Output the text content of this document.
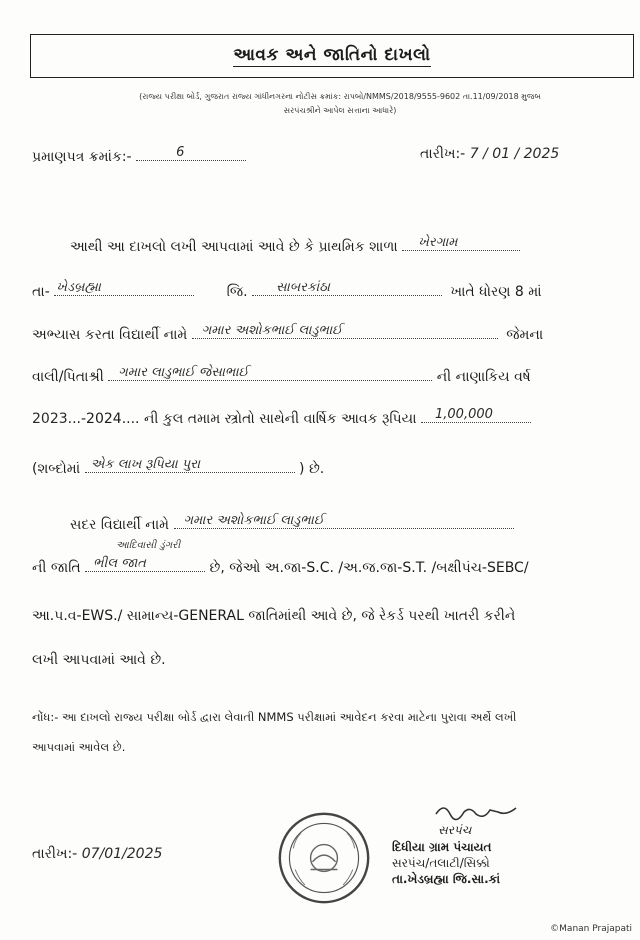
આવક અને જાતિનો દાખલો
(રાજ્ય પરીક્ષા બોર્ડ, ગુજરાત રાજ્ય ગાંધીનગરના નોટીસ ક્રમાંક: રાપબો/NMMS/2018/9555-9602 તા.11/09/2018 મુજબ
સરપંચશ્રીને આપેલ સત્તાના આધારે)
પ્રમાણપત્ર ક્રમાંક:-	6	તારીખ:- 7 / 01 / 2025
આથી આ દાખલો લખી આપવામાં આવે છે કે પ્રાથમિક શાળા ખેરગામ
તા- ખેડબ્રહ્મા	જિ. સાબરકાંઠા	ખાતે ધોરણ 8 માં
અભ્યાસ કરતા વિદ્યાર્થી નામે ગમાર અશોકભાઈ લાડુભાઈ	જેમના
વાલી/પિતાશ્રી ગમાર લાડુભાઈ જેસાભાઈ	ની નાણાકિય વર્ષ
2023...-2024.... ની કુલ તમામ સ્ત્રોતો સાથેની વાર્ષિક આવક રૂપિયા 1,00,000
(શબ્દોમાં એક લાખ રૂપિયા પુરા	) છે.
સદર વિદ્યાર્થી નામે ગમાર અશોકભાઈ લાડુભાઈ
આદિવાસી ડુંગરી
ની જાતિ ભીલ જાત	છે, જેઓ અ.જા-S.C. /અ.જ.જા-S.T. /બક્ષીપંચ-SEBC/
આ.પ.વ-EWS./ સામાન્ય-GENERAL જાતિમાંથી આવે છે, જે રેકર્ડ પરથી ખાતરી કરીને
લખી આપવામાં આવે છે.
નોંધ:- આ દાખલો રાજ્ય પરીક્ષા બોર્ડ દ્વારા લેવાતી NMMS પરીક્ષામાં આવેદન કરવા માટેના પુરાવા અર્થે લખી
આપવામાં આવેલ છે.
તારીખ:- 07/01/2025
સરપંચ
દિધીયા ગ્રામ પંચાયત
સરપંચ/તલાટી/સિક્કો
તા.ખેડબ્રહ્મા જિ.સા.કાં
©Manan Prajapati
